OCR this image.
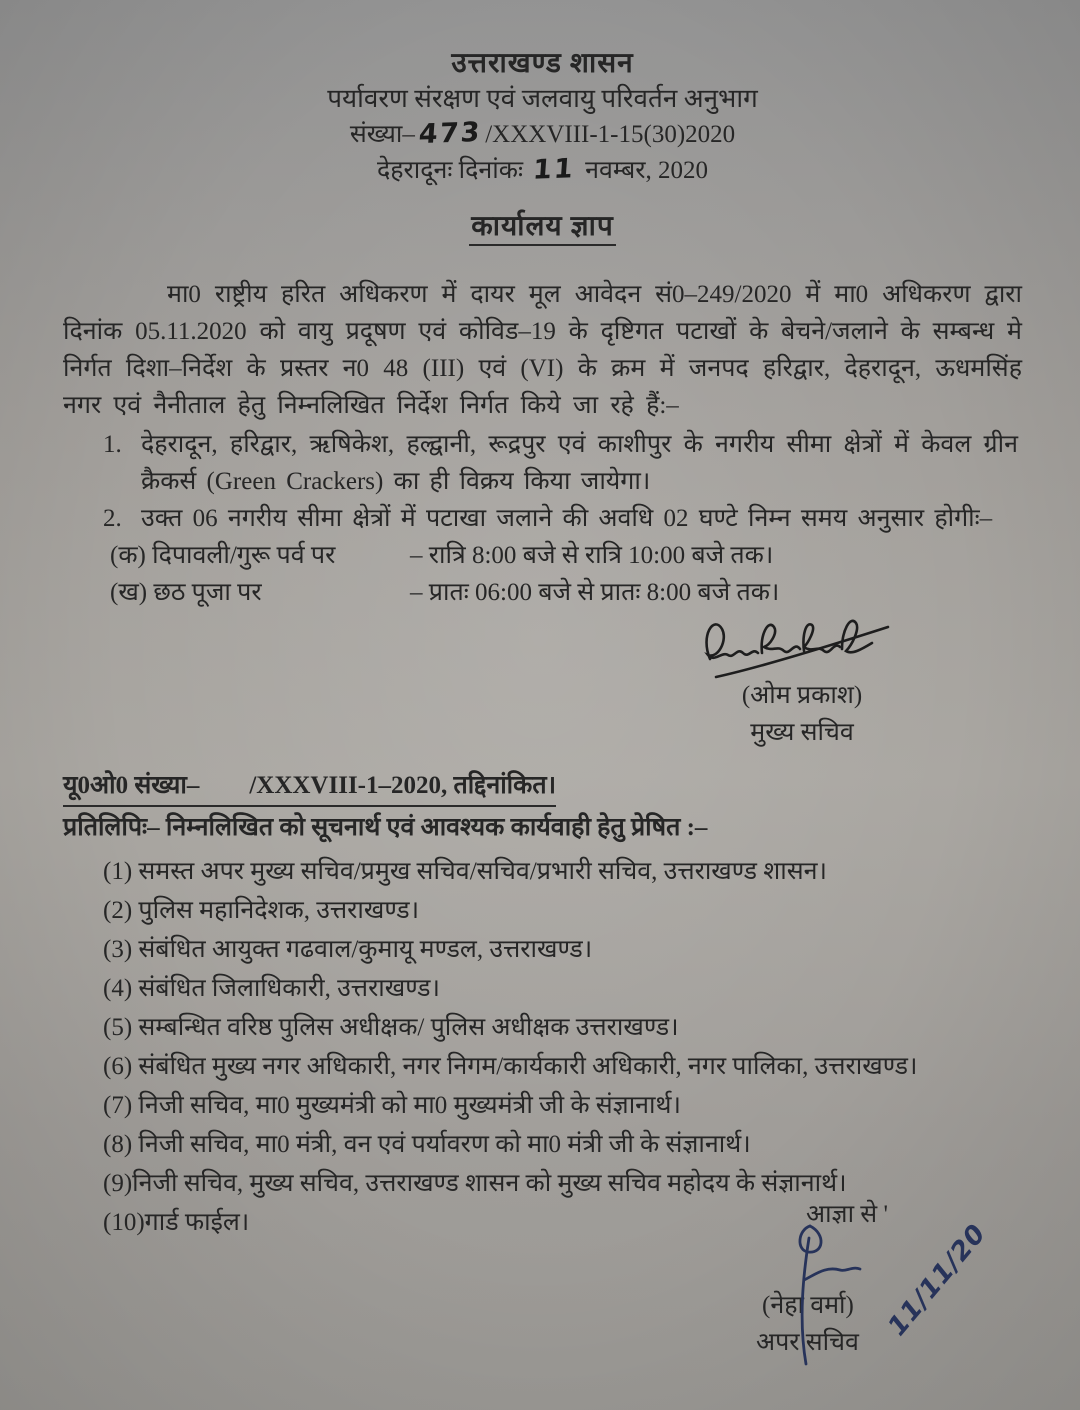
उत्तराखण्ड शासन
पर्यावरण संरक्षण एवं जलवायु परिवर्तन अनुभाग
संख्या– 473 /XXXVIII-1-15(30)2020
देहरादूनः दिनांकः 11 नवम्बर, 2020
कार्यालय ज्ञाप

मा0 राष्ट्रीय हरित अधिकरण में दायर मूल आवेदन सं0–249/2020 में मा0 अधिकरण द्वारा दिनांक 05.11.2020 को वायु प्रदूषण एवं कोविड–19 के दृष्टिगत पटाखों के बेचने/जलाने के सम्बन्ध मे निर्गत दिशा–निर्देश के प्रस्तर न0 48 (III) एवं (VI) के क्रम में जनपद हरिद्वार, देहरादून, ऊधमसिंह नगर एवं नैनीताल हेतु निम्नलिखित निर्देश निर्गत किये जा रहे हैं:–

1. देहरादून, हरिद्वार, ऋषिकेश, हल्द्वानी, रूद्रपुर एवं काशीपुर के नगरीय सीमा क्षेत्रों में केवल ग्रीन क्रैकर्स (Green Crackers) का ही विक्रय किया जायेगा।
2. उक्त 06 नगरीय सीमा क्षेत्रों में पटाखा जलाने की अवधि 02 घण्टे निम्न समय अनुसार होगीः–
(क) दिपावली/गुरू पर्व पर	– रात्रि 8:00 बजे से रात्रि 10:00 बजे तक।
(ख) छठ पूजा पर	– प्रातः 06:00 बजे से प्रातः 8:00 बजे तक।
(ओम प्रकाश)
मुख्य सचिव
यू0ओ0 संख्या–        /XXXVIII-1–2020, तद्दिनांकित।
प्रतिलिपिः– निम्नलिखित को सूचनार्थ एवं आवश्यक कार्यवाही हेतु प्रेषित :–
(1) समस्त अपर मुख्य सचिव/प्रमुख सचिव/सचिव/प्रभारी सचिव, उत्तराखण्ड शासन।
(2) पुलिस महानिदेशक, उत्तराखण्ड।
(3) संबंधित आयुक्त गढवाल/कुमायू मण्डल, उत्तराखण्ड।
(4) संबंधित जिलाधिकारी, उत्तराखण्ड।
(5) सम्बन्धित वरिष्ठ पुलिस अधीक्षक/ पुलिस अधीक्षक उत्तराखण्ड।
(6) संबंधित मुख्य नगर अधिकारी, नगर निगम/कार्यकारी अधिकारी, नगर पालिका, उत्तराखण्ड।
(7) निजी सचिव, मा0 मुख्यमंत्री को मा0 मुख्यमंत्री जी के संज्ञानार्थ।
(8) निजी सचिव, मा0 मंत्री, वन एवं पर्यावरण को मा0 मंत्री जी के संज्ञानार्थ।
(9)निजी सचिव, मुख्य सचिव, उत्तराखण्ड शासन को मुख्य सचिव महोदय के संज्ञानार्थ।
(10)गार्ड फाईल।	आज्ञा से '
11/11/20
(नेहा वर्मा)
अपर सचिव
